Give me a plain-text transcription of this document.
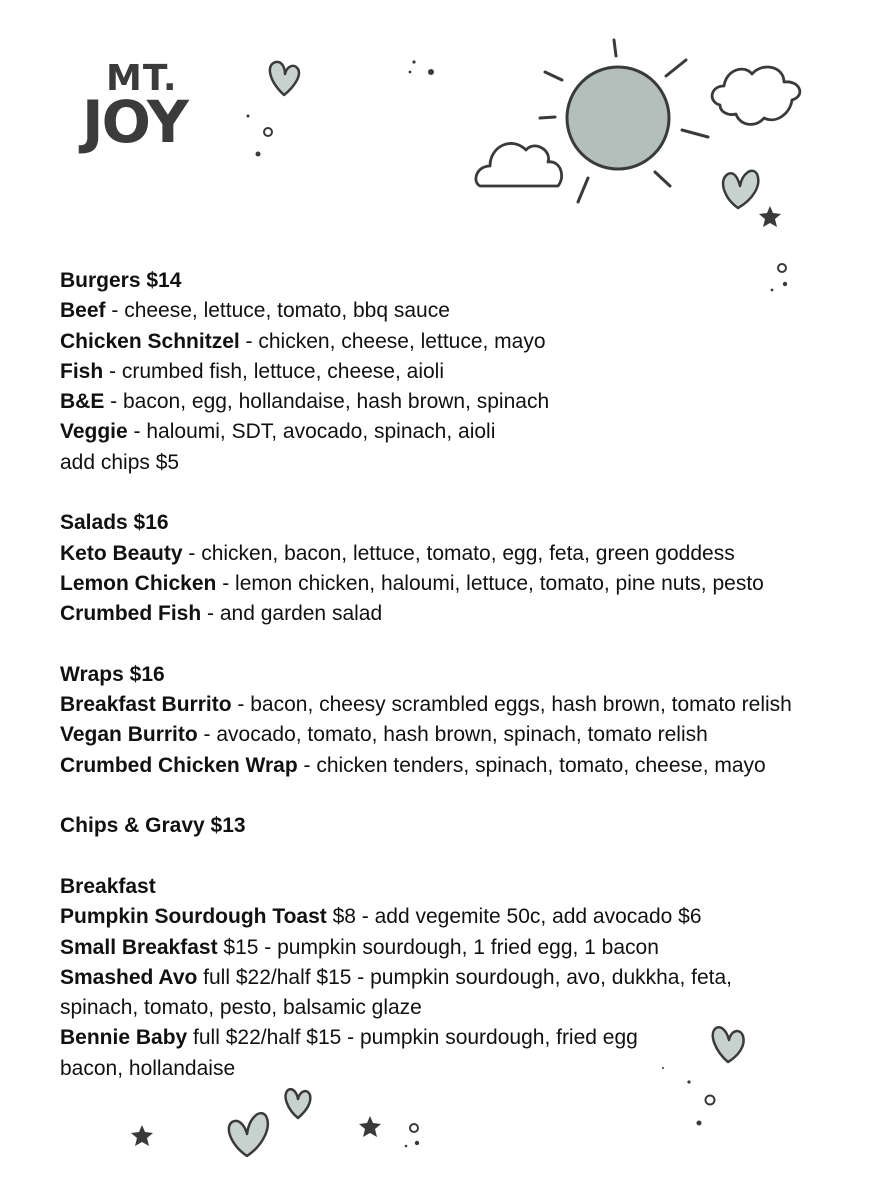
MT.
JOY
Burgers $14
Beef - cheese, lettuce, tomato, bbq sauce
Chicken Schnitzel - chicken, cheese, lettuce, mayo
Fish - crumbed fish, lettuce, cheese, aioli
B&E - bacon, egg, hollandaise, hash brown, spinach
Veggie - haloumi, SDT, avocado, spinach, aioli
add chips $5
Salads $16
Keto Beauty - chicken, bacon, lettuce, tomato, egg, feta, green goddess
Lemon Chicken - lemon chicken, haloumi, lettuce, tomato, pine nuts, pesto
Crumbed Fish - and garden salad
Wraps $16
Breakfast Burrito - bacon, cheesy scrambled eggs, hash brown, tomato relish
Vegan Burrito - avocado, tomato, hash brown, spinach, tomato relish
Crumbed Chicken Wrap - chicken tenders, spinach, tomato, cheese, mayo
Chips & Gravy $13
Breakfast
Pumpkin Sourdough Toast $8 - add vegemite 50c, add avocado $6
Small Breakfast $15 - pumpkin sourdough, 1 fried egg, 1 bacon
Smashed Avo full $22/half $15 - pumpkin sourdough, avo, dukkha, feta,
spinach, tomato, pesto, balsamic glaze
Bennie Baby full $22/half $15 - pumpkin sourdough, fried egg
bacon, hollandaise
